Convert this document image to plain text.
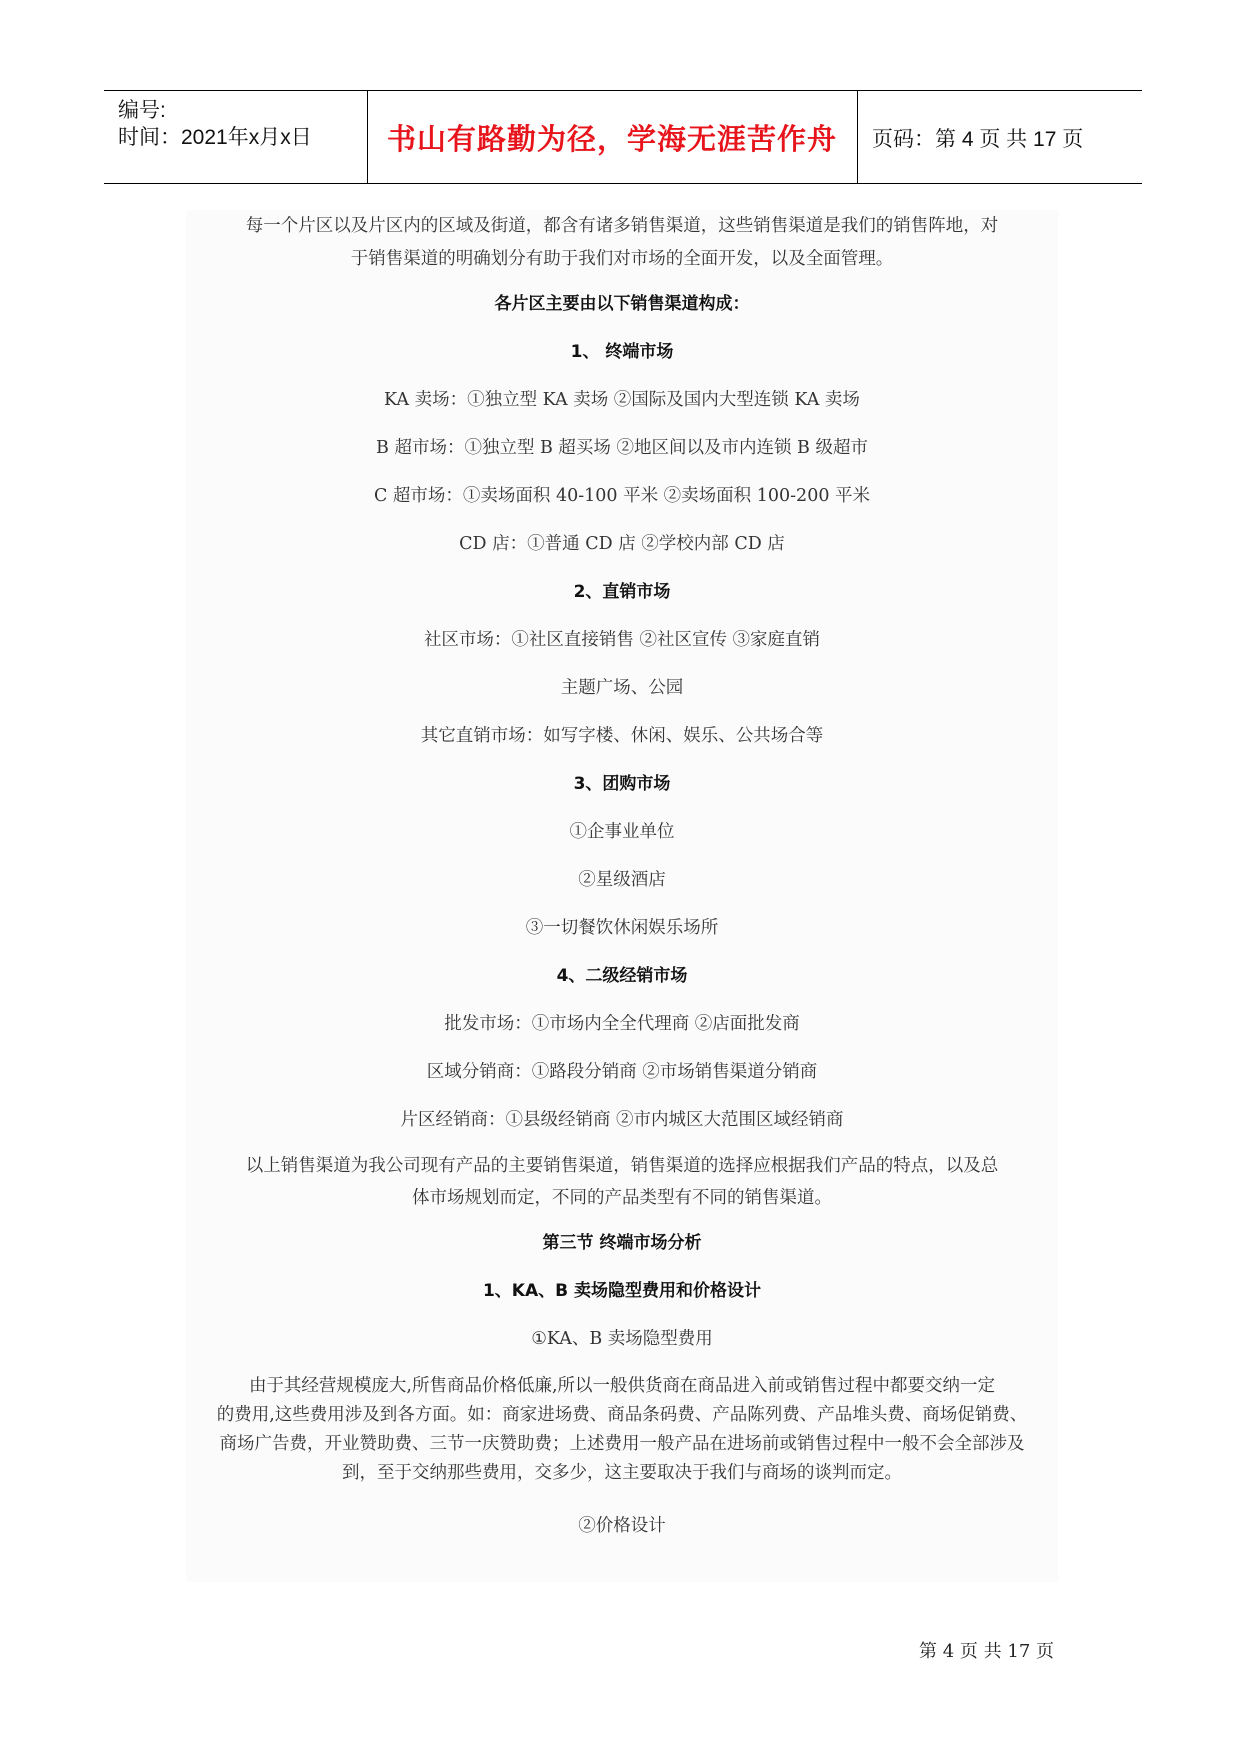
编号:
时间：2021年x月x日	书山有路勤为径，学海无涯苦作舟	页码：第 4 页 共 17 页
每一个片区以及片区内的区域及街道，都含有诸多销售渠道，这些销售渠道是我们的销售阵地，对
于销售渠道的明确划分有助于我们对市场的全面开发，以及全面管理。
各片区主要由以下销售渠道构成：
1、 终端市场
KA 卖场：①独立型 KA 卖场 ②国际及国内大型连锁 KA 卖场
B 超市场：①独立型 B 超买场 ②地区间以及市内连锁 B 级超市
C 超市场：①卖场面积 40-100 平米 ②卖场面积 100-200 平米
CD 店：①普通 CD 店 ②学校内部 CD 店
2、直销市场
社区市场：①社区直接销售 ②社区宣传 ③家庭直销
主题广场、公园
其它直销市场：如写字楼、休闲、娱乐、公共场合等
3、团购市场
①企事业单位
②星级酒店
③一切餐饮休闲娱乐场所
4、二级经销市场
批发市场：①市场内全全代理商 ②店面批发商
区域分销商：①路段分销商 ②市场销售渠道分销商
片区经销商：①县级经销商 ②市内城区大范围区域经销商
以上销售渠道为我公司现有产品的主要销售渠道，销售渠道的选择应根据我们产品的特点，以及总
体市场规划而定，不同的产品类型有不同的销售渠道。
第三节 终端市场分析
1、KA、B 卖场隐型费用和价格设计
①KA、B 卖场隐型费用
由于其经营规模庞大,所售商品价格低廉,所以一般供货商在商品进入前或销售过程中都要交纳一定
的费用,这些费用涉及到各方面。如：商家进场费、商品条码费、产品陈列费、产品堆头费、商场促销费、
商场广告费，开业赞助费、三节一庆赞助费；上述费用一般产品在进场前或销售过程中一般不会全部涉及
到，至于交纳那些费用，交多少，这主要取决于我们与商场的谈判而定。
②价格设计
第 4 页 共 17 页
